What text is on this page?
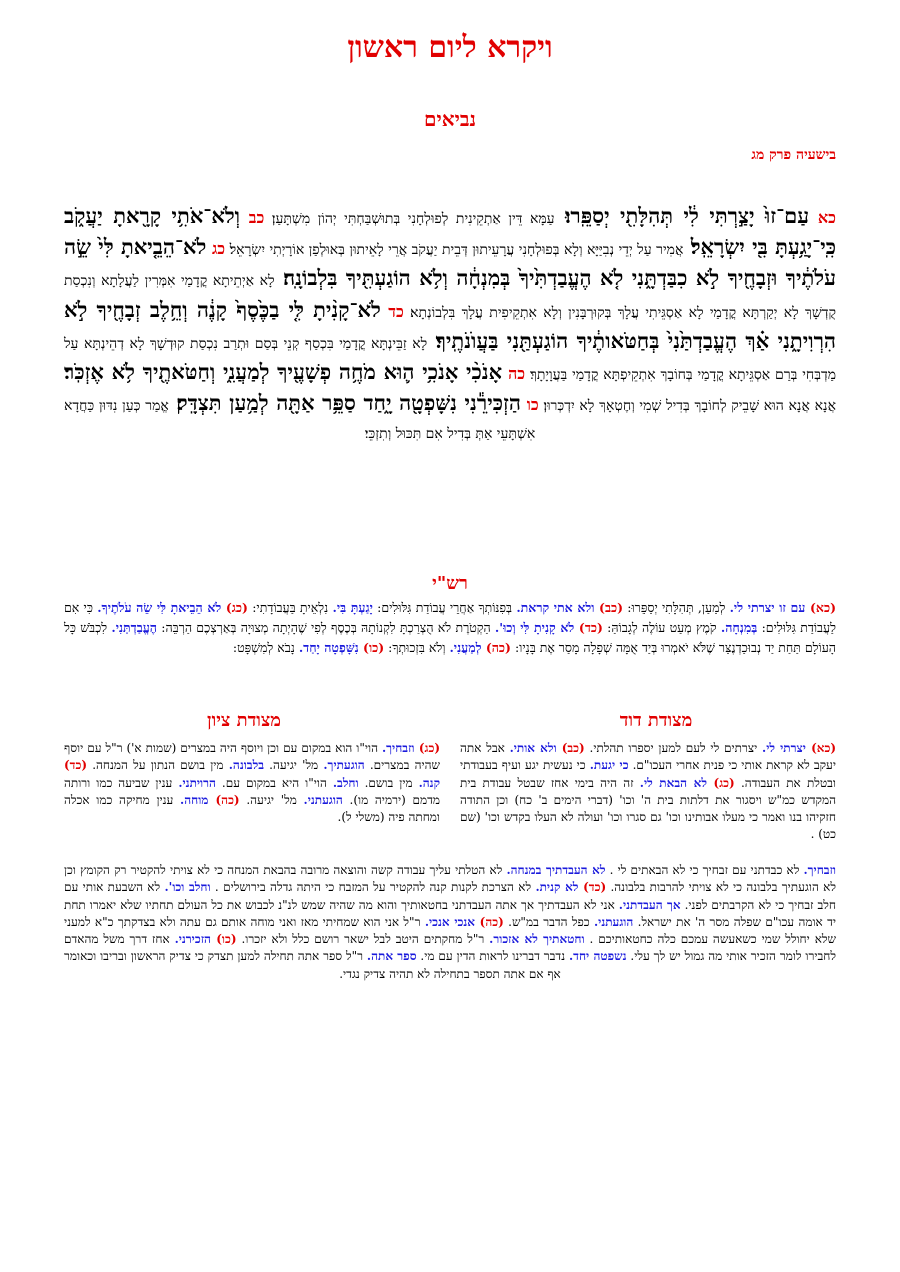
ויקרא ליום ראשון
נביאים
בישעיה פרק מג
כא עַם־זוּ֙ יָצַ֣רְתִּי לִ֔י תְּהִלָּתִ֖י יְסַפֵּֽרוּ׃ עַמָּא דֵּין אַתְקֵינִית לְפוּלְחָנִי בְּתוּשְׁבַּחְתִּי יְהוֹן מִשְׁתָּעַן׃ כב וְלֹא־אֹתִ֥י קָרָ֖אתָ יַעֲקֹ֑ב כִּֽי־יָגַ֥עְתָּ בִּ֖י יִשְׂרָאֵֽל׃ אֲמִיר עַל יְדֵי נְבִיַּיָּא וְלָא בְּפוּלְחָנִי עֲרָעֵיתוּן דְּבֵית יַעֲקֹב אֲרֵי לָאֵיתוּן בְּאוּלְפַן אוֹרָיְתִי יִשְׂרָאֵל׃ כג לֹא־הֵבֵ֤יאתָ לִּי֙ שֵׂ֣ה עֹלֹתֶ֔יךָ וּזְבָחֶ֖יךָ לֹ֣א כִבַּדְתָּ֑נִי לֹ֤א הֶעֱבַדְתִּ֙יךָ֙ בְּמִנְחָ֔ה וְלֹ֥א הוֹגַעְתִּ֖יךָ בִּלְבוֹנָֽה׃ לָא אַיְתֵיתָא קֳדָמַי אִמְּרִין לַעֲלָתָא וְנִכְסַת קֻדְשָׁךְ לָא יְקַרְתָּא קֳדָמַי לָא אַסְגֵּיתִי עֲלָךְ בְּקוּרְבָּנִין וְלָא אִתְקֵיפִית עֲלָךְ בִּלְבוֹנְתָא׃ כד לֹא־קָנִ֨יתָ לִּ֤י בַכֶּ֙סֶף֙ קָנֶ֔ה וְחֵ֥לֶב זְבָחֶ֖יךָ לֹ֣א הִרְוִיתָ֑נִי אַ֗ךְ הֶעֱבַדְתַּ֙נִי֙ בְּחַטֹּאותֶ֔יךָ הוֹגַעְתַּ֖נִי בַּעֲוֺנֹתֶֽיךָ׃ לָא זַבֵּינְתָּא קֳדָמַי בִּכְסַף קְנֵי בְּסַם וּתְרַב נִכְסַת קוּדְשָׁךְ לָא דְהֵינְתָּא עַל מַדְבְּחִי בְּרַם אַסְגֵּיתָא קֳדָמַי בְּחוֹבָךְ אִתְקֵיפְתָּא קֳדָמַי בַּעֲוָיָתָךְ׃ כה אָנֹכִ֨י אָנֹכִ֥י ה֛וּא מֹחֶ֥ה פְשָׁעֶ֖יךָ לְמַעֲנִ֑י וְחַטֹּאתֶ֖יךָ לֹ֥א אֶזְכֹּֽר׃ אֲנָא אֲנָא הוּא שָׁבֵיק לְחוֹבָךְ בְּדִיל שְׁמִי וְחֶטְאָךְ לָא יִדְכְּרוּן׃ כו הַזְכִּירֵ֕נִי נִשָּׁפְטָ֖ה יָ֑חַד סַפֵּ֥ר אַתָּ֖ה לְמַ֥עַן תִּצְדָּֽק׃ אֱמַר כְּעַן נִדּוּן כַּחֲדָא אִשְׁתָּעֵי אַתְּ בְּדִיל אִם תִּכּוּל וְתִזְכֵּי׃
רש"י
(כא) עם זו יצרתי לי. לְמַעַן, תְּהִלָּתִי יְסַפֵּרוּ: (כב) ולא אתי קראת. בְּפִנּוֹתְךָ אַחֲרֵי עֲבוֹדַת גִּלּוּלִים: יָגַעְתָּ בִּי. נִלְאֵיתָ בַּעֲבוֹדָתִי: (כג) לֹא הֵבֵיאתָ לִּי שֵׂה עֹלֹתֶיךָ. כִּי אִם לַעֲבוֹדַת גִּלּוּלִים: בְּמִנְחָה. קֹמֶץ מְעַט עוֹלֶה לְגָבוֹהַּ: (כד) לֹא קָנִיתָ לִּי וְכוּ'. הַקְטֹרֶת לֹא הֻצְרַכְתָּ לִקְנוֹתָהּ בְּכֶסֶף לְפִי שֶׁהָיְתָה מְצוּיָה בְּאַרְצְכֶם הַרְבֵּה: הֶעֱבַדְתַּנִי. לִכְבֹּשׁ כָּל הָעוֹלָם תַּחַת יַד נְבוּכַדְנֶצַּר שֶׁלֹּא יֹאמְרוּ בְּיַד אֻמָּה שְׁפָלָה מָסַר אֶת בָּנָיו: (כה) לְמַעֲנִי. וְלֹא בִּזְכוּתְךָ: (כו) נִשָּׁפְטָה יָחַד. נָבֹא לְמִשְׁפָּט:
מצודת דוד
מצודת ציון
(כא) יצרתי לי. יצרתים לי לעם למען יספרו תהלתי. (כב) ולא אותי. אבל אתה יעקב לא קראת אותי כי פנית אחרי העכו"ם. כי יגעת. כי נעשית יגע ועיף בעבודתי ובטלת את העבודה. (כג) לא הבאת לי. זה היה בימי אחז שבטל עבודת בית המקדש כמ"ש ויסגור את דלתות בית ה' וכו' (דברי הימים ב' כח) וכן התודה חזקיהו בנו ואמר כי מעלו אבותינו וכו' גם סגרו וכו' ועולה לא העלו בקדש וכו' (שם כט) .
(כג) וזבחיך. הוי"ו הוא במקום עם וכן ויוסף היה במצרים (שמות א') ר"ל עם יוסף שהיה במצרים. הוגעתיך. מל' יגיעה. בלבונה. מין בושם הנתון על המנחה. (כד) קנה. מין בושם. וחלב. הוי"ו היא במקום עם. הרויתני. ענין שביעה כמו ורותה מדמם (ירמיה מו). הוגעתני. מל' יגיעה. (כה) מוחה. ענין מחיקה כמו אכלה ומחתה פיה (משלי ל).
וזבחיך. לא כבדתני עם זבחיך כי לא הבאתים לי . לא העבדתיך במנחה. לא הטלתי עליך עבודה קשה והוצאה מרובה בהבאת המנחה כי לא צויתי להקטיר רק הקומץ וכן לא הוגעתיך בלבונה כי לא צויתי להרבות בלבונה. (כד) לא קנית. לא הצרכת לקנות קנה להקטיר על המזבח כי היתה גדלה בירושלים . וחלב וכו'. לא השבעת אותי עם חלב זבחיך כי לא הקרבתים לפני. אך העבדתני. אני לא העבדתיך אך אתה העבדתני בחטאותיך והוא מה שהיה שמש לנ"נ לכבוש את כל העולם תחתיו שלא יאמרו תחת יד אומה עכו"ם שפלה מסר ה' את ישראל. הוגעתני. כפל הדבר במ"ש. (כה) אנכי אנכי. ר"ל אני הוא שמחיתי מאז ואני מוחה אותם גם עתה ולא בצדקתך כ"א למעני שלא יחולל שמי כשאעשה עמכם כלה כחטאותיכם . וחטאתיך לא אזכור. ר"ל מחקתים היטב לבל ישאר רושם כלל ולא יזכרו. (כו) הזכירני. אחז דרך משל מהאדם לחבירו לומר הזכיר אותי מה גמול יש לך עלי. נשפטה יחד. נדבר דברינו לראות הדין עם מי. ספר אתה. ר"ל ספר אתה תחילה למען תצדק כי צדיק הראשון ובריבו וכאומר אף אם אתה תספר בתחילה לא תהיה צדיק נגדי.
